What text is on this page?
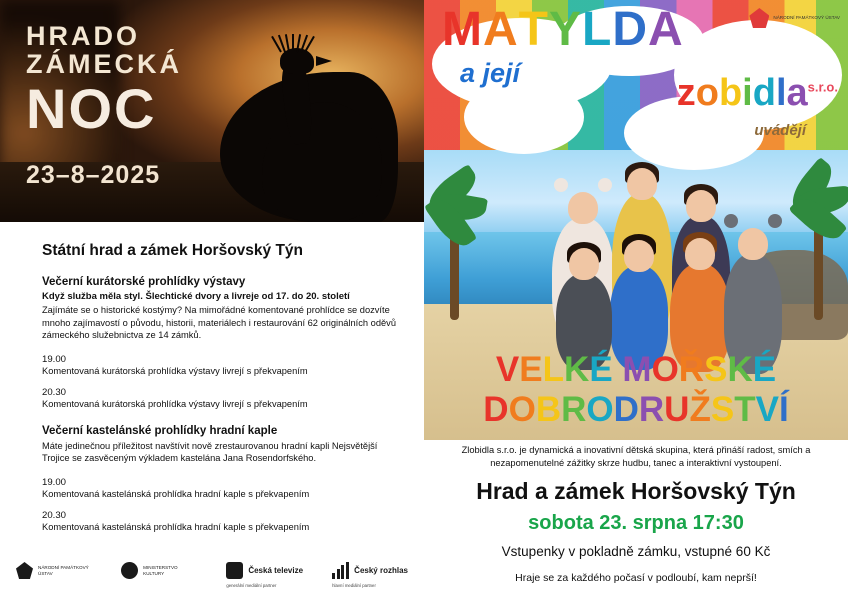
HRADO
ZÁMECKÁ
NOC
23–8–2025
Státní hrad a zámek Horšovský Týn
Večerní kurátorské prohlídky výstavy
Když služba měla styl. Šlechtické dvory a livreje od 17. do 20. století
Zajímáte se o historické kostýmy? Na mimořádné komentované prohlídce se dozvíte mnoho zajímavostí o původu, historii, materiálech i restaurování 62 originálních oděvů zámeckého služebnictva ze 14 zámků.
19.00
Komentovaná kurátorská prohlídka výstavy livrejí s překvapením
20.30
Komentovaná kurátorská prohlídka výstavy livrejí s překvapením
Večerní kastelánské prohlídky hradní kaple
Máte jedinečnou příležitost navštívit nově zrestaurovanou hradní kapli Nejsvětější Trojice se zasvěceným výkladem kastelána Jana Rosendorfského.
19.00
Komentovaná kastelánská prohlídka hradní kaple s překvapením
20.30
Komentovaná kastelánská prohlídka hradní kaple s překvapením
NÁRODNÍ PAMÁTKOVÝ ÚSTAV
MINISTERSTVO KULTURY	Česká televize
generální mediální partner
Český rozhlas
hlavní mediální partner
NÁRODNÍ PAMÁTKOVÝ ÚSTAV
MATYLDA
a její	zobidla$^{s.r.o.}$
uvádějí
VELKÉ MOŘSKÉ
DOBRODRUŽSTVÍ
Zlobidla s.r.o. je dynamická a inovativní dětská skupina, která přináší radost, smích a nezapomenutelné zážitky skrze hudbu, tanec a interaktivní vystoupení.
Hrad a zámek Horšovský Týn
sobota 23. srpna 17:30
Vstupenky v pokladně zámku, vstupné 60 Kč
Hraje se za každého počasí v podloubí, kam neprší!
